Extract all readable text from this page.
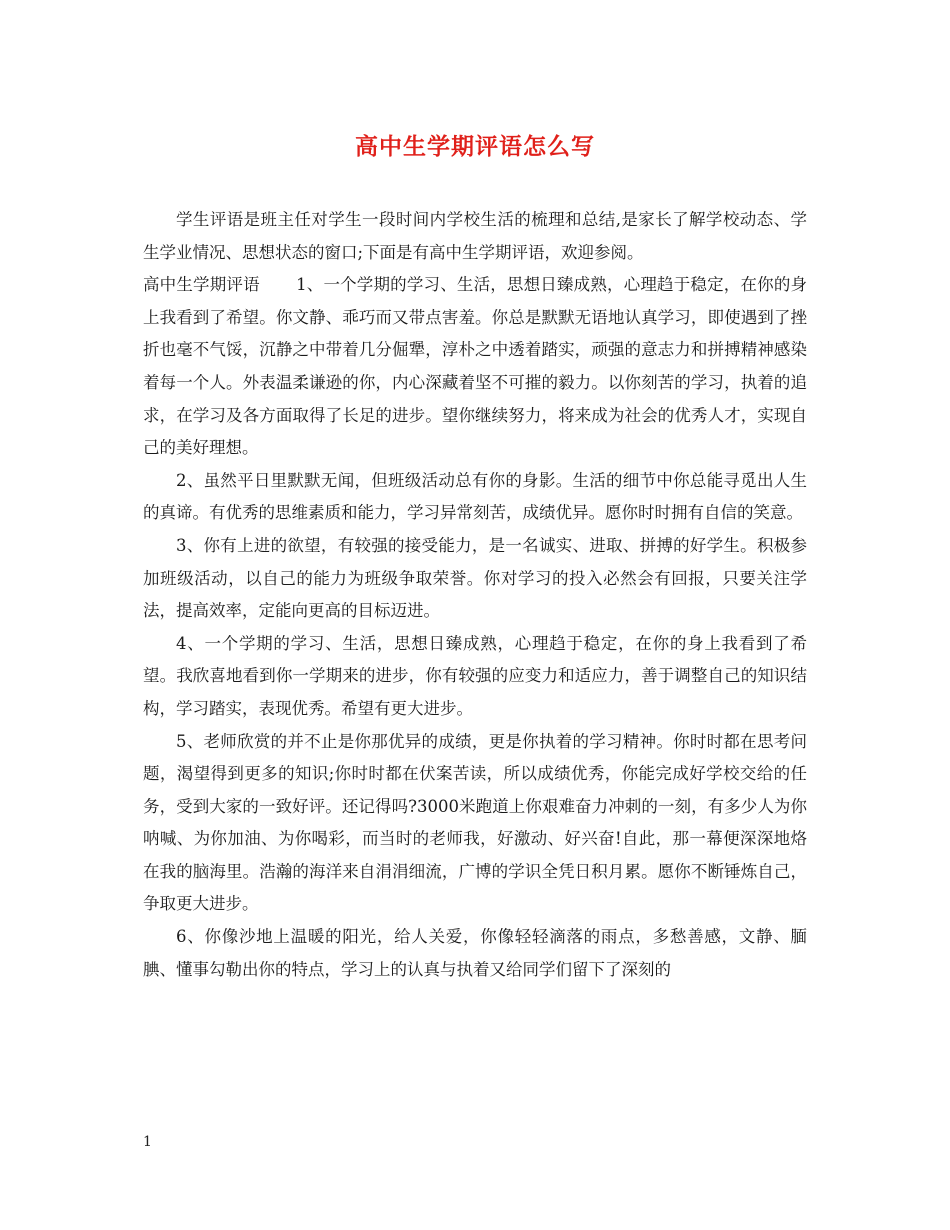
高中生学期评语怎么写

学生评语是班主任对学生一段时间内学校生活的梳理和总结,是家长了解学校动态、学生学业情况、思想状态的窗口;下面是有高中生学期评语，欢迎参阅。

高中生学期评语 1、一个学期的学习、生活，思想日臻成熟，心理趋于稳定，在你的身上我看到了希望。你文静、乖巧而又带点害羞。你总是默默无语地认真学习，即使遇到了挫折也毫不气馁，沉静之中带着几分倔犟，淳朴之中透着踏实，顽强的意志力和拼搏精神感染着每一个人。外表温柔谦逊的你，内心深藏着坚不可摧的毅力。以你刻苦的学习，执着的追求，在学习及各方面取得了长足的进步。望你继续努力，将来成为社会的优秀人才，实现自己的美好理想。

2、虽然平日里默默无闻，但班级活动总有你的身影。生活的细节中你总能寻觅出人生的真谛。有优秀的思维素质和能力，学习异常刻苦，成绩优异。愿你时时拥有自信的笑意。

3、你有上进的欲望，有较强的接受能力，是一名诚实、进取、拼搏的好学生。积极参加班级活动，以自己的能力为班级争取荣誉。你对学习的投入必然会有回报，只要关注学法，提高效率，定能向更高的目标迈进。

4、一个学期的学习、生活，思想日臻成熟，心理趋于稳定，在你的身上我看到了希望。我欣喜地看到你一学期来的进步，你有较强的应变力和适应力，善于调整自己的知识结构，学习踏实，表现优秀。希望有更大进步。

5、老师欣赏的并不止是你那优异的成绩，更是你执着的学习精神。你时时都在思考问题，渴望得到更多的知识;你时时都在伏案苦读，所以成绩优秀，你能完成好学校交给的任务，受到大家的一致好评。还记得吗?3000米跑道上你艰难奋力冲刺的一刻，有多少人为你呐喊、为你加油、为你喝彩，而当时的老师我，好激动、好兴奋!自此，那一幕便深深地烙在我的脑海里。浩瀚的海洋来自涓涓细流，广博的学识全凭日积月累。愿你不断锤炼自己，争取更大进步。

6、你像沙地上温暖的阳光，给人关爱，你像轻轻滴落的雨点，多愁善感，文静、腼腆、懂事勾勒出你的特点，学习上的认真与执着又给同学们留下了深刻的

1
